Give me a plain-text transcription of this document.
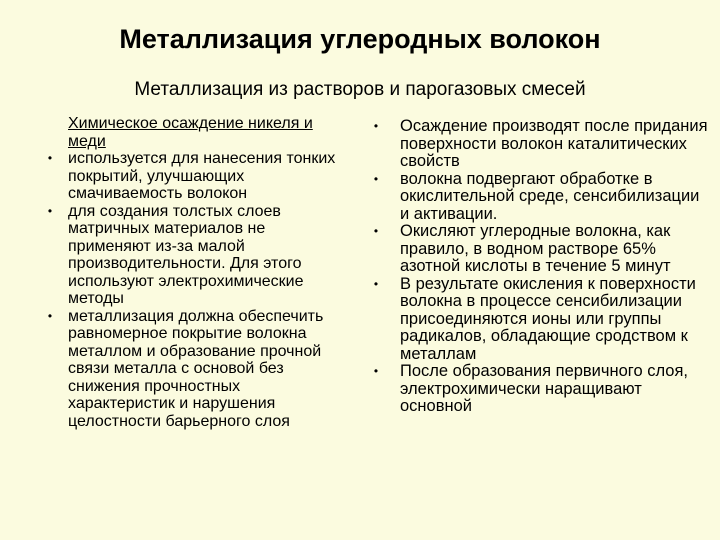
Металлизация углеродных волокон
Металлизация из растворов и парогазовых смесей
Химическое осаждение никеля и меди
• используется для нанесения тонких покрытий, улучшающих смачиваемость волокон
• для создания толстых слоев матричных материалов не применяют из-за малой производительности. Для этого используют электрохимические методы
• металлизация должна обеспечить равномерное покрытие волокна металлом и образование прочной связи металла с основой без снижения прочностных характеристик и нарушения целостности барьерного слоя
• Осаждение производят после придания поверхности волокон каталитических свойств
• волокна подвергают обработке в окислительной среде, сенсибилизации и активации.
• Окисляют углеродные волокна, как правило, в водном растворе 65% азотной кислоты в течение 5 минут
• В результате окисления к поверхности волокна в процессе сенсибилизации присоединяются ионы или группы радикалов, обладающие сродством к металлам
• После образования первичного слоя, электрохимически наращивают основной
